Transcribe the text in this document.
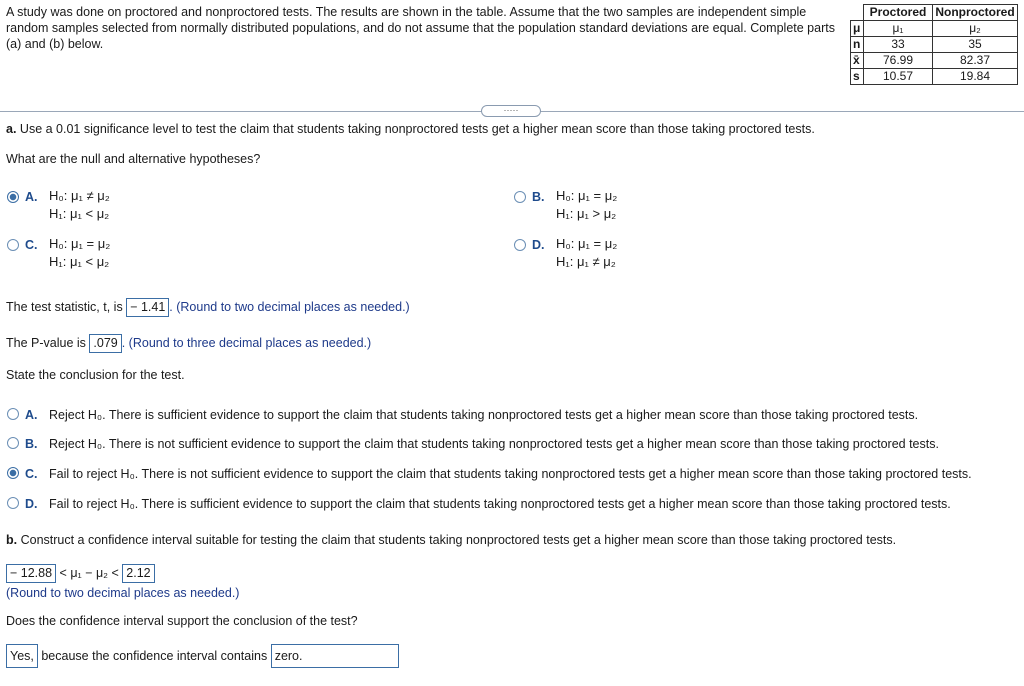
A study was done on proctored and nonproctored tests. The results are shown in the table. Assume that the two samples are independent simple random samples selected from normally distributed populations, and do not assume that the population standard deviations are equal. Complete parts (a) and (b) below.
	Proctored	Nonproctored
μ	μ₁	μ₂
n	33	35
x̄	76.99	82.37
s	10.57	19.84
·····
a. Use a 0.01 significance level to test the claim that students taking nonproctored tests get a higher mean score than those taking proctored tests.
What are the null and alternative hypotheses?
A. H₀: μ₁ ≠ μ₂
H₁: μ₁ < μ₂
B. H₀: μ₁ = μ₂
H₁: μ₁ > μ₂
C. H₀: μ₁ = μ₂
H₁: μ₁ < μ₂
D. H₀: μ₁ = μ₂
H₁: μ₁ ≠ μ₂
The test statistic, t, is − 1.41 . (Round to two decimal places as needed.)
The P-value is .079 . (Round to three decimal places as needed.)
State the conclusion for the test.
A. Reject H₀. There is sufficient evidence to support the claim that students taking nonproctored tests get a higher mean score than those taking proctored tests.
B. Reject H₀. There is not sufficient evidence to support the claim that students taking nonproctored tests get a higher mean score than those taking proctored tests.
C. Fail to reject H₀. There is not sufficient evidence to support the claim that students taking nonproctored tests get a higher mean score than those taking proctored tests.
D. Fail to reject H₀. There is sufficient evidence to support the claim that students taking nonproctored tests get a higher mean score than those taking proctored tests.
b. Construct a confidence interval suitable for testing the claim that students taking nonproctored tests get a higher mean score than those taking proctored tests.
− 12.88 < μ₁ − μ₂ < 2.12
(Round to two decimal places as needed.)
Does the confidence interval support the conclusion of the test?
Yes, because the confidence interval contains zero.
